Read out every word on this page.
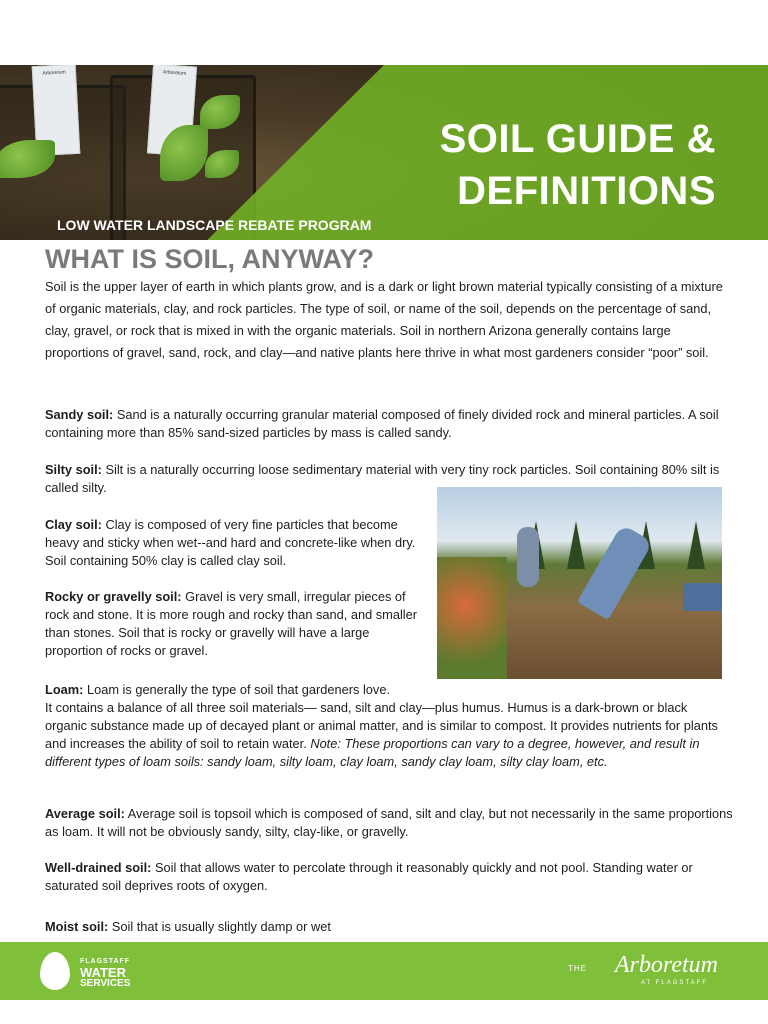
Arboretum	Arboretum
SOIL GUIDE &
DEFINITIONS
LOW WATER LANDSCAPE REBATE PROGRAM
WHAT IS SOIL, ANYWAY?

Soil is the upper layer of earth in which plants grow, and is a dark or light brown material typically consisting of a mixture of organic materials, clay, and rock particles. The type of soil, or name of the soil, depends on the percentage of sand, clay, gravel, or rock that is mixed in with the organic materials. Soil in northern Arizona generally contains large proportions of gravel, sand, rock, and clay—and native plants here thrive in what most gardeners consider “poor” soil.

Sandy soil: Sand is a naturally occurring granular material composed of finely divided rock and mineral particles. A soil containing more than 85% sand-sized particles by mass is called sandy.

Silty soil: Silt is a naturally occurring loose sedimentary material with very tiny rock particles. Soil containing 80% silt is called silty.

Clay soil: Clay is composed of very fine particles that become heavy and sticky when wet--and hard and concrete-like when dry. Soil containing 50% clay is called clay soil.

Rocky or gravelly soil: Gravel is very small, irregular pieces of rock and stone. It is more rough and rocky than sand, and smaller than stones. Soil that is rocky or gravelly will have a large proportion of rocks or gravel.

Loam: Loam is generally the type of soil that gardeners love.
It contains a balance of all three soil materials— sand, silt and clay—plus humus. Humus is a dark-brown or black organic substance made up of decayed plant or animal matter, and is similar to compost. It provides nutrients for plants and increases the ability of soil to retain water. Note: These proportions can vary to a degree, however, and result in different types of loam soils: sandy loam, silty loam, clay loam, sandy clay loam, silty clay loam, etc.

Average soil: Average soil is topsoil which is composed of sand, silt and clay, but not necessarily in the same proportions as loam. It will not be obviously sandy, silty, clay-like, or gravelly.

Well-drained soil: Soil that allows water to percolate through it reasonably quickly and not pool. Standing water or saturated soil deprives roots of oxygen.

Moist soil: Soil that is usually slightly damp or wet

FLAGSTAFF
WATER
SERVICES
THE Arboretum
AT FLAGSTAFF
